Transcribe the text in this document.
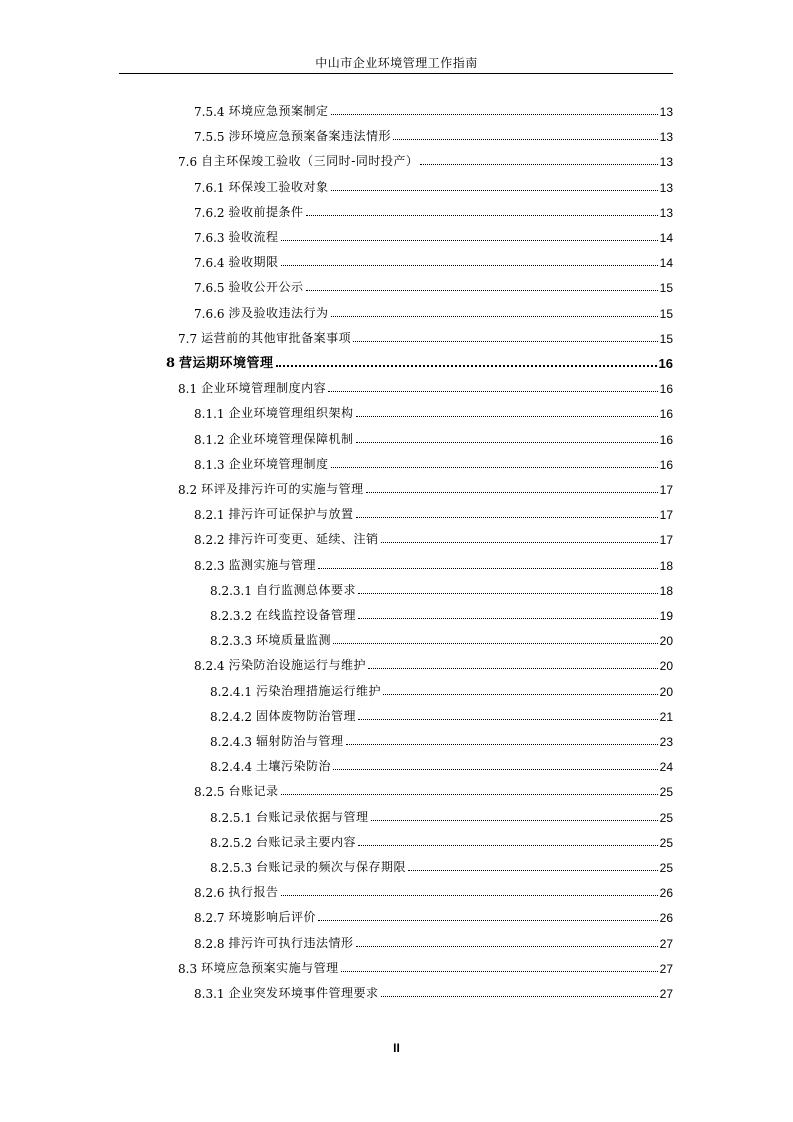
中山市企业环境管理工作指南
7.5.4 环境应急预案制定	13
7.5.5 涉环境应急预案备案违法情形	13
7.6 自主环保竣工验收（三同时-同时投产）	13
7.6.1 环保竣工验收对象	13
7.6.2 验收前提条件	13
7.6.3 验收流程	14
7.6.4 验收期限	14
7.6.5 验收公开公示	15
7.6.6 涉及验收违法行为	15
7.7 运营前的其他审批备案事项	15
8 营运期环境管理	16
8.1 企业环境管理制度内容	16
8.1.1 企业环境管理组织架构	16
8.1.2 企业环境管理保障机制	16
8.1.3 企业环境管理制度	16
8.2 环评及排污许可的实施与管理	17
8.2.1 排污许可证保护与放置	17
8.2.2 排污许可变更、延续、注销	17
8.2.3 监测实施与管理	18
8.2.3.1 自行监测总体要求	18
8.2.3.2 在线监控设备管理	19
8.2.3.3 环境质量监测	20
8.2.4 污染防治设施运行与维护	20
8.2.4.1 污染治理措施运行维护	20
8.2.4.2 固体废物防治管理	21
8.2.4.3 辐射防治与管理	23
8.2.4.4 土壤污染防治	24
8.2.5 台账记录	25
8.2.5.1 台账记录依据与管理	25
8.2.5.2 台账记录主要内容	25
8.2.5.3 台账记录的频次与保存期限	25
8.2.6 执行报告	26
8.2.7 环境影响后评价	26
8.2.8 排污许可执行违法情形	27
8.3 环境应急预案实施与管理	27
8.3.1 企业突发环境事件管理要求	27
II
